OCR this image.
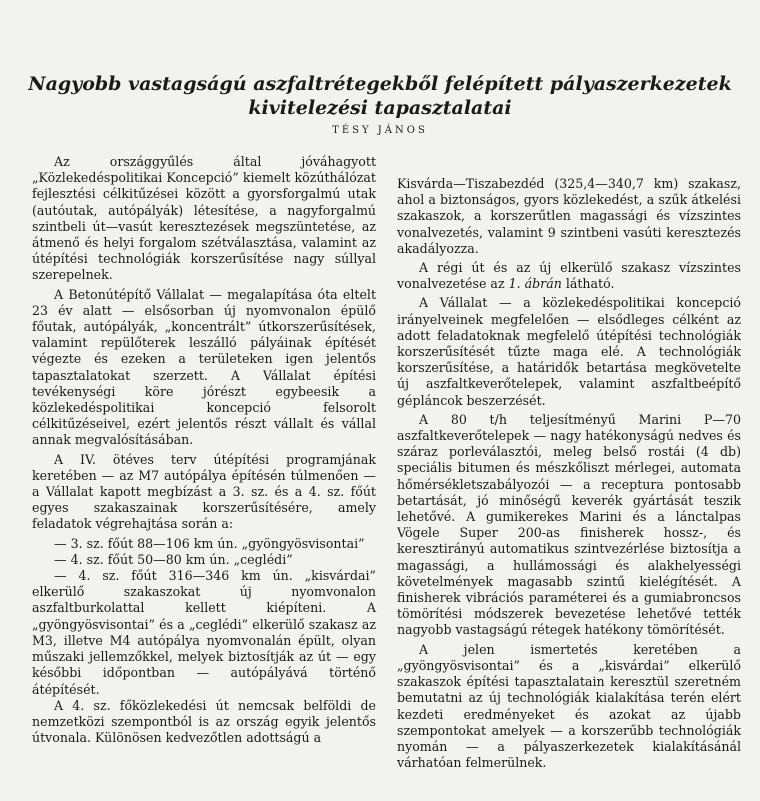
Nagyobb vastagságú aszfaltrétegekből felépített pályaszerkezetek
kivitelezési tapasztalatai

TÉSY JÁNOS

Az országgyűlés által jóváhagyott „Közlekedéspolitikai Koncepció” kiemelt közúthálózat fejlesztési célkitűzései között a gyorsforgalmú utak (autóutak, autópályák) létesítése, a nagyforgalmú szintbeli út—vasút keresztezések megszüntetése, az átmenő és helyi forgalom szétválasztása, valamint az útépítési technológiák korszerűsítése nagy súllyal szerepelnek.

A Betonútépítő Vállalat — megalapítása óta eltelt 23 év alatt — elsősorban új nyomvonalon épülő főutak, autópályák, „koncentrált” útkorszerűsítések, valamint repülőterek leszálló pályáinak építését végezte és ezeken a területeken igen jelentős tapasztalatokat szerzett. A Vállalat építési tevékenységi köre jórészt egybeesik a közlekedéspolitikai koncepció felsorolt célkitűzéseivel, ezért jelentős részt vállalt és vállal annak megvalósításában.

A IV. ötéves terv útépítési programjának keretében — az M7 autópálya építésén túlmenően — a Vállalat kapott megbízást a 3. sz. és a 4. sz. főút egyes szakaszainak korszerűsítésére, amely feladatok végrehajtása során a:

— 3. sz. főút 88—106 km ún. „gyöngyösvisontai”
— 4. sz. főút 50—80 km ún. „ceglédi”
— 4. sz. főút 316—346 km ún. „kisvárdai” elkerülő szakaszokat új nyomvonalon aszfaltburkolattal kellett kiépíteni. A „gyöngyösvisontai” és a „ceglédi” elkerülő szakasz az M3, illetve M4 autópálya nyomvonalán épült, olyan műszaki jellemzőkkel, melyek biztosítják az út — egy későbbi időpontban — autópályává történő átépítését.

A 4. sz. főközlekedési út nemcsak belföldi de nemzetközi szempontból is az ország egyik jelentős útvonala. Különösen kedvezőtlen adottságú a

Kisvárda—Tiszabezdéd (325,4—340,7 km) szakasz, ahol a biztonságos, gyors közlekedést, a szűk átkelési szakaszok, a korszerűtlen magassági és vízszintes vonalvezetés, valamint 9 szintbeni vasúti keresztezés akadályozza.

A régi út és az új elkerülő szakasz vízszintes vonalvezetése az 1. ábrán látható.

A Vállalat — a közlekedéspolitikai koncepció irányelveinek megfelelően — elsődleges célként az adott feladatoknak megfelelő útépítési technológiák korszerűsítését tűzte maga elé. A technológiák korszerűsítése, a határidők betartása megkövetelte új aszfaltkeverőtelepek, valamint aszfaltbeépítő gépláncok beszerzését.

A 80 t/h teljesítményű Marini P—70 aszfaltkeverőtelepek — nagy hatékonyságú nedves és száraz porleválasztói, meleg belső rostái (4 db) speciális bitumen és mészkőliszt mérlegei, automata hőmérsékletszabályozói — a receptura pontosabb betartását, jó minőségű keverék gyártását teszik lehetővé. A gumikerekes Marini és a lánctalpas Vögele Super 200-as finisherek hossz-, és keresztirányú automatikus szintvezérlése biztosítja a magassági, a hullámossági és alakhelyességi követelmények magasabb szintű kielégítését. A finisherek vibrációs paraméterei és a gumiabroncsos tömörítési módszerek bevezetése lehetővé tették nagyobb vastagságú rétegek hatékony tömörítését.

A jelen ismertetés keretében a „gyöngyösvisontai” és a „kisvárdai” elkerülő szakaszok építési tapasztalatain keresztül szeretném bemutatni az új technológiák kialakítása terén elért kezdeti eredményeket és azokat az újabb szempontokat amelyek — a korszerűbb technológiák nyomán — a pályaszerkezetek kialakításánál várhatóan felmerülnek.
